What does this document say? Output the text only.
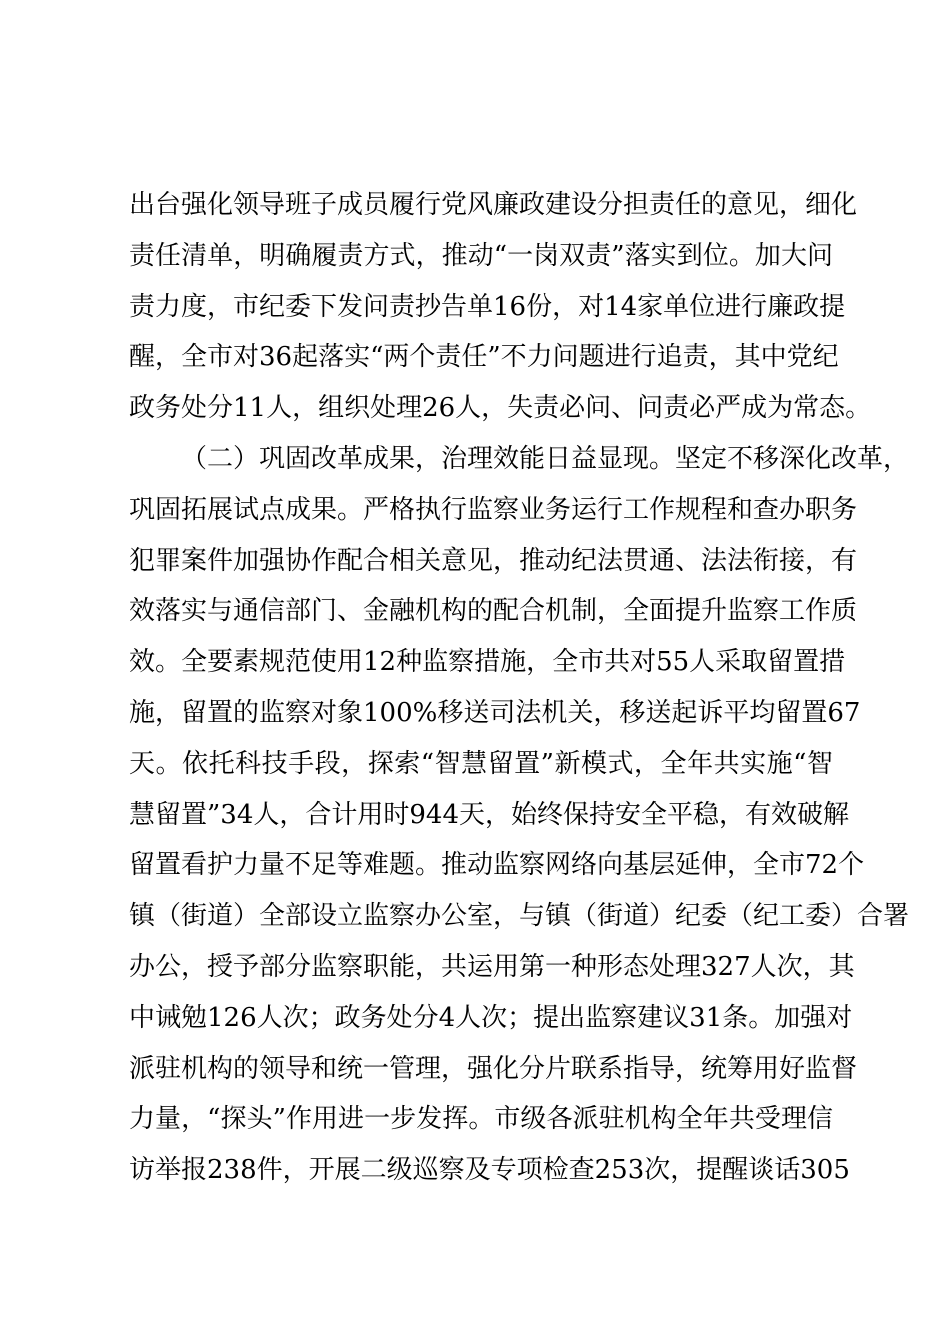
出台强化领导班子成员履行党风廉政建设分担责任的意见，细化
责任清单，明确履责方式，推动“一岗双责”落实到位。加大问
责力度，市纪委下发问责抄告单16份，对14家单位进行廉政提
醒，全市对36起落实“两个责任”不力问题进行追责，其中党纪
政务处分11人，组织处理26人，失责必问、问责必严成为常态。
（二）巩固改革成果，治理效能日益显现。坚定不移深化改革，
巩固拓展试点成果。严格执行监察业务运行工作规程和查办职务
犯罪案件加强协作配合相关意见，推动纪法贯通、法法衔接，有
效落实与通信部门、金融机构的配合机制，全面提升监察工作质
效。全要素规范使用12种监察措施，全市共对55人采取留置措
施，留置的监察对象100%移送司法机关，移送起诉平均留置67
天。依托科技手段，探索“智慧留置”新模式，全年共实施“智
慧留置”34人，合计用时944天，始终保持安全平稳，有效破解
留置看护力量不足等难题。推动监察网络向基层延伸，全市72个
镇（街道）全部设立监察办公室，与镇（街道）纪委（纪工委）合署
办公，授予部分监察职能，共运用第一种形态处理327人次，其
中诫勉126人次；政务处分4人次；提出监察建议31条。加强对
派驻机构的领导和统一管理，强化分片联系指导，统筹用好监督
力量，“探头”作用进一步发挥。市级各派驻机构全年共受理信
访举报238件，开展二级巡察及专项检查253次，提醒谈话305
